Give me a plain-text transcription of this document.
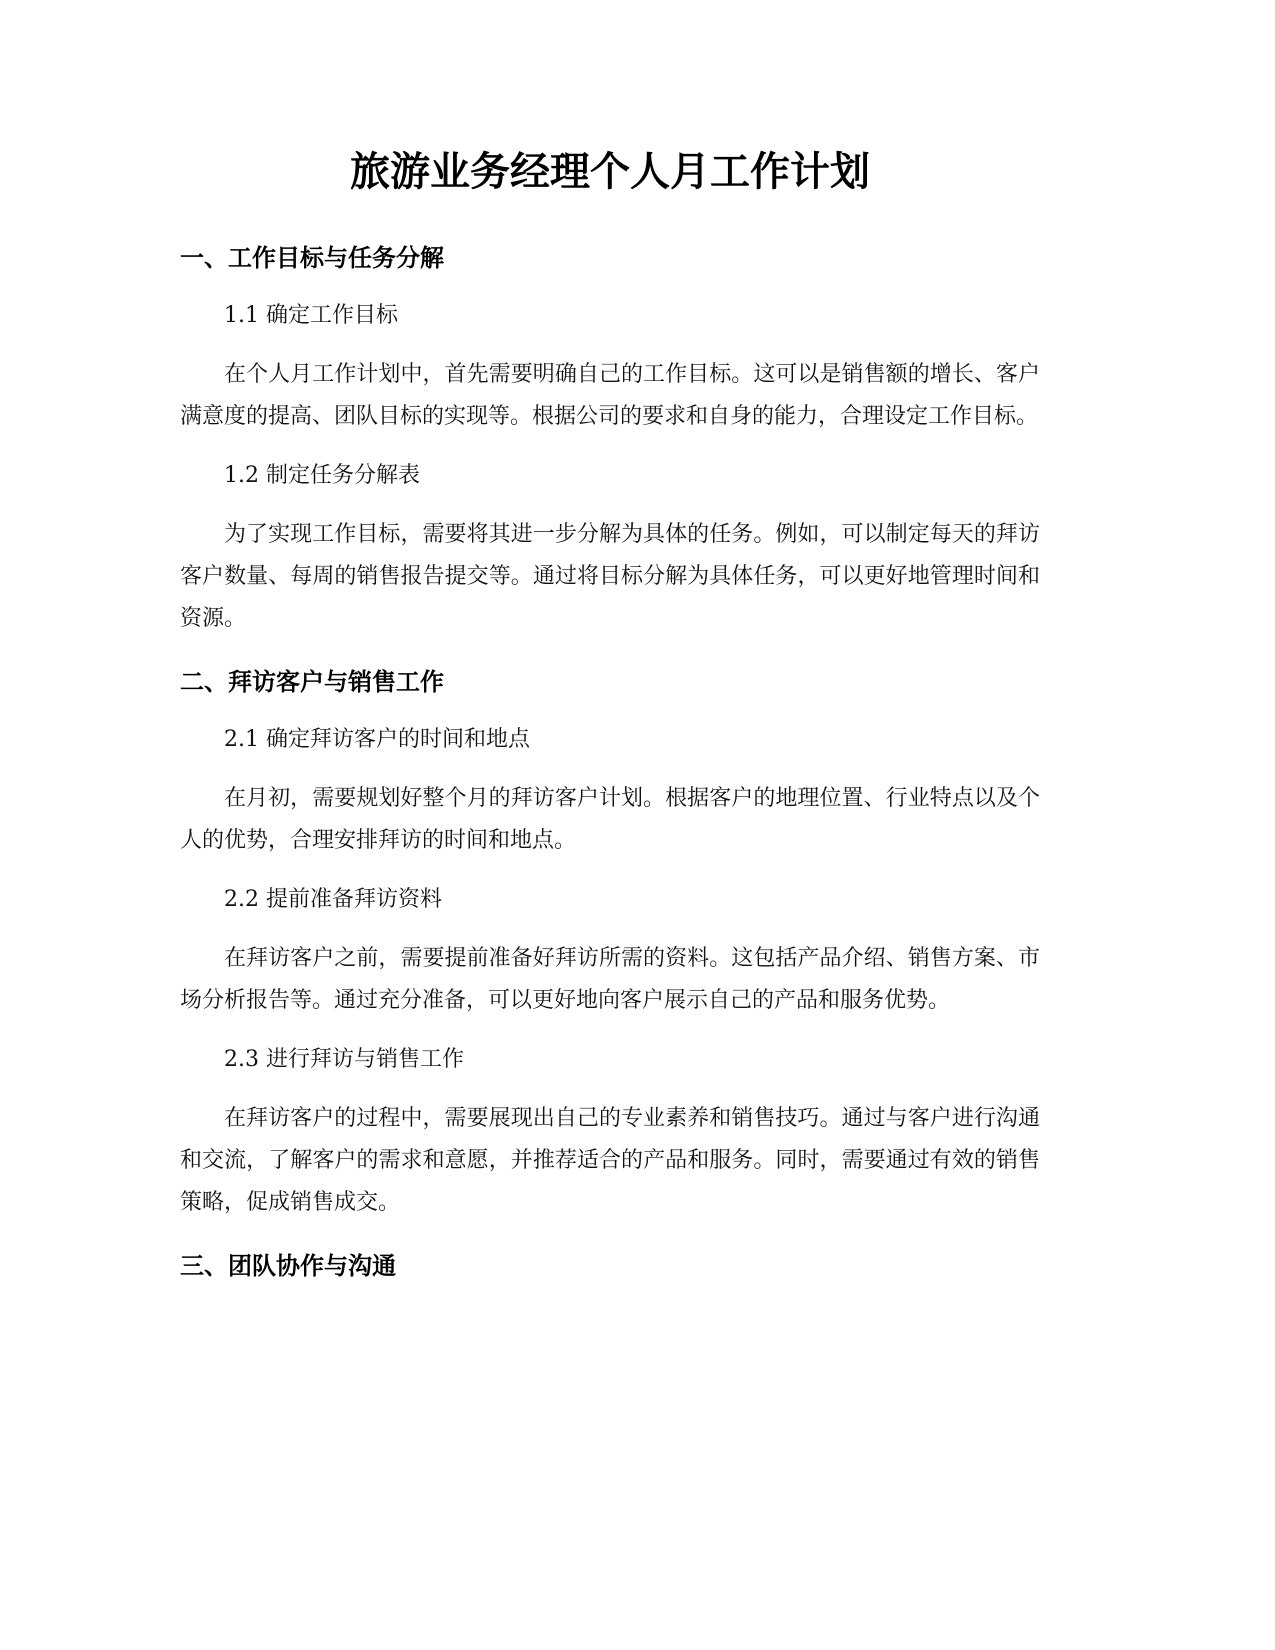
旅游业务经理个人月工作计划
一、工作目标与任务分解

1.1 确定工作目标

在个人月工作计划中，首先需要明确自己的工作目标。这可以是销售额的增长、客户满意度的提高、团队目标的实现等。根据公司的要求和自身的能力，合理设定工作目标。

1.2 制定任务分解表

为了实现工作目标，需要将其进一步分解为具体的任务。例如，可以制定每天的拜访客户数量、每周的销售报告提交等。通过将目标分解为具体任务，可以更好地管理时间和资源。

二、拜访客户与销售工作

2.1 确定拜访客户的时间和地点

在月初，需要规划好整个月的拜访客户计划。根据客户的地理位置、行业特点以及个人的优势，合理安排拜访的时间和地点。

2.2 提前准备拜访资料

在拜访客户之前，需要提前准备好拜访所需的资料。这包括产品介绍、销售方案、市场分析报告等。通过充分准备，可以更好地向客户展示自己的产品和服务优势。

2.3 进行拜访与销售工作

在拜访客户的过程中，需要展现出自己的专业素养和销售技巧。通过与客户进行沟通和交流，了解客户的需求和意愿，并推荐适合的产品和服务。同时，需要通过有效的销售策略，促成销售成交。

三、团队协作与沟通
